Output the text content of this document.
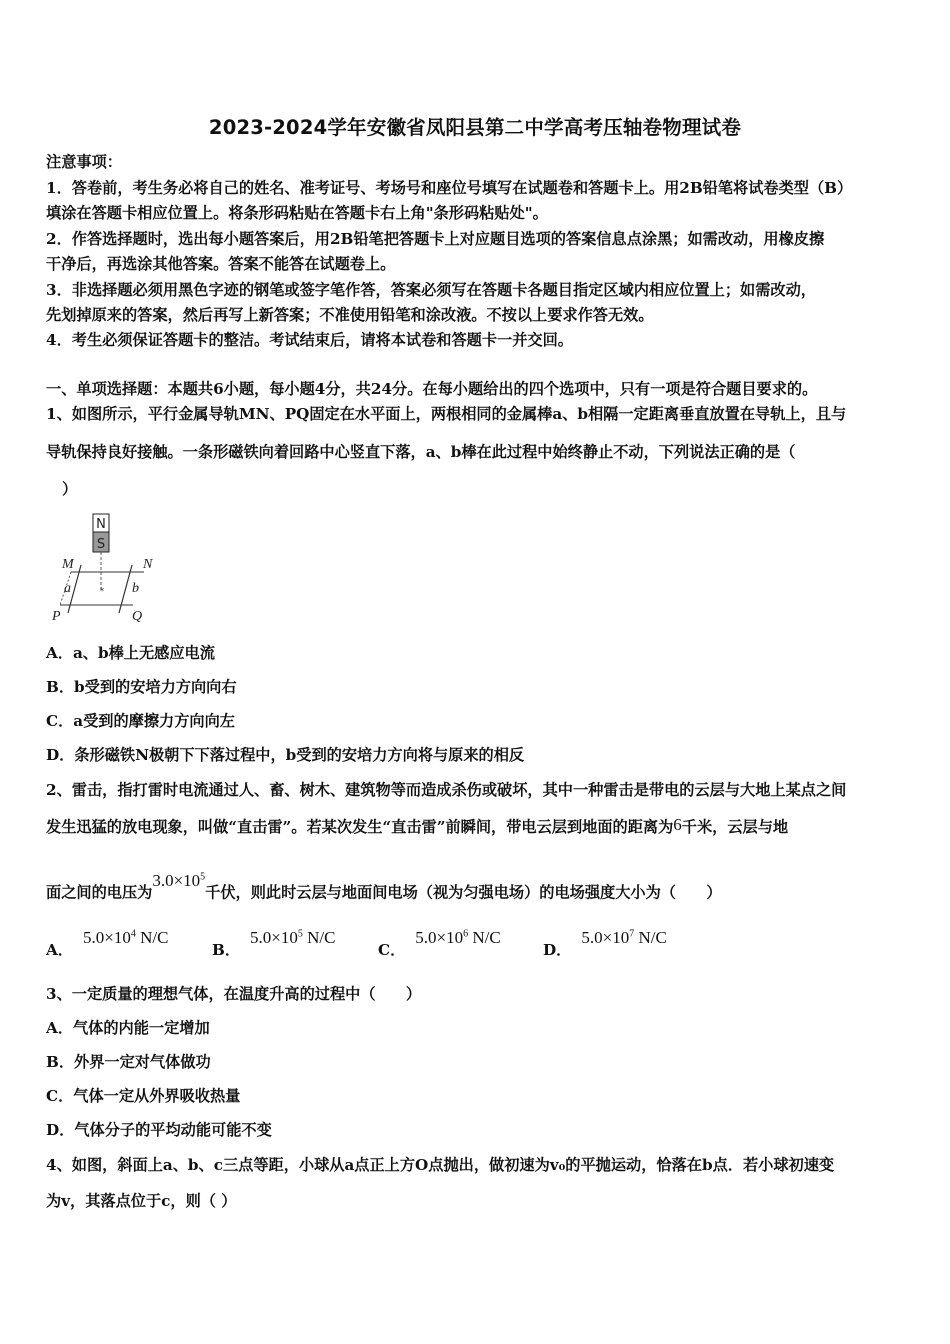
2023-2024学年安徽省凤阳县第二中学高考压轴卷物理试卷
注意事项：
1．答卷前，考生务必将自己的姓名、准考证号、考场号和座位号填写在试题卷和答题卡上。用2B铅笔将试卷类型（B）
填涂在答题卡相应位置上。将条形码粘贴在答题卡右上角"条形码粘贴处"。
2．作答选择题时，选出每小题答案后，用2B铅笔把答题卡上对应题目选项的答案信息点涂黑；如需改动，用橡皮擦
干净后，再选涂其他答案。答案不能答在试题卷上。
3．非选择题必须用黑色字迹的钢笔或签字笔作答，答案必须写在答题卡各题目指定区域内相应位置上；如需改动，
先划掉原来的答案，然后再写上新答案；不准使用铅笔和涂改液。不按以上要求作答无效。
4．考生必须保证答题卡的整洁。考试结束后，请将本试卷和答题卡一并交回。
一、单项选择题：本题共6小题，每小题4分，共24分。在每小题给出的四个选项中，只有一项是符合题目要求的。
1、如图所示，平行金属导轨MN、PQ固定在水平面上，两根相同的金属棒a、b相隔一定距离垂直放置在导轨上，且与
导轨保持良好接触。一条形磁铁向着回路中心竖直下落，a、b棒在此过程中始终静止不动，下列说法正确的是（
）
N
S
*
M	N
P	Q
a	b
A．a、b棒上无感应电流
B．b受到的安培力方向向右
C．a受到的摩擦力方向向左
D．条形磁铁N极朝下下落过程中，b受到的安培力方向将与原来的相反
2、雷击，指打雷时电流通过人、畜、树木、建筑物等而造成杀伤或破坏，其中一种雷击是带电的云层与大地上某点之间
发生迅猛的放电现象，叫做“直击雷”。若某次发生“直击雷”前瞬间，带电云层到地面的距离为6千米，云层与地
面之间的电压为$3.0\times 10^5$千伏，则此时云层与地面间电场（视为匀强电场）的电场强度大小为（　　）
A．$5.0\times 10^4$ N/C
B．$5.0\times 10^5$ N/C
C．$5.0\times 10^6$ N/C
D．$5.0\times 10^7$ N/C
3、一定质量的理想气体，在温度升高的过程中（　　）
A．气体的内能一定增加
B．外界一定对气体做功
C．气体一定从外界吸收热量
D．气体分子的平均动能可能不变
4、如图，斜面上a、b、c三点等距，小球从a点正上方O点抛出，做初速为v₀的平抛运动，恰落在b点．若小球初速变
为v，其落点位于c，则（ ）
